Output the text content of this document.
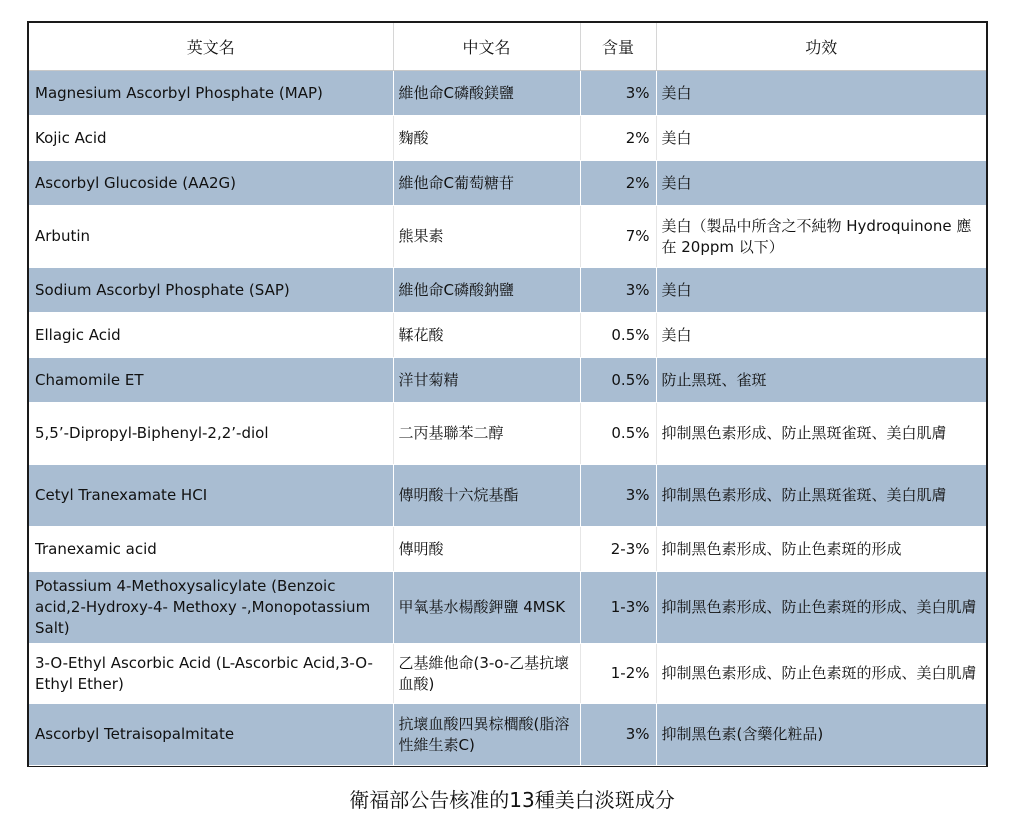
英文名	中文名	含量	功效
Magnesium Ascorbyl Phosphate (MAP)	維他命C磷酸鎂鹽	3%	美白
Kojic Acid	麴酸	2%	美白
Ascorbyl Glucoside (AA2G)	維他命C葡萄糖苷	2%	美白
Arbutin	熊果素	7%	美白（製品中所含之不純物 Hydroquinone 應在 20ppm 以下）
Sodium Ascorbyl Phosphate (SAP)	維他命C磷酸鈉鹽	3%	美白
Ellagic Acid	鞣花酸	0.5%	美白
Chamomile ET	洋甘菊精	0.5%	防止黑斑、雀斑
5,5’-Dipropyl-Biphenyl-2,2’-diol	二丙基聯苯二醇	0.5%	抑制黑色素形成、防止黑斑雀斑、美白肌膚
Cetyl Tranexamate HCI	傳明酸十六烷基酯	3%	抑制黑色素形成、防止黑斑雀斑、美白肌膚
Tranexamic acid	傳明酸	2-3%	抑制黑色素形成、防止色素斑的形成
Potassium 4-Methoxysalicylate (Benzoic acid,2-Hydroxy-4- Methoxy -,Monopotassium Salt)	甲氧基水楊酸鉀鹽 4MSK	1-3%	抑制黑色素形成、防止色素斑的形成、美白肌膚
3-O-Ethyl Ascorbic Acid (L-Ascorbic Acid,3-O-Ethyl Ether)	乙基維他命(3-o-乙基抗壞血酸)	1-2%	抑制黑色素形成、防止色素斑的形成、美白肌膚
Ascorbyl Tetraisopalmitate	抗壞血酸四異棕櫚酸(脂溶性維生素C)	3%	抑制黑色素(含藥化粧品)
衛福部公告核准的13種美白淡斑成分
